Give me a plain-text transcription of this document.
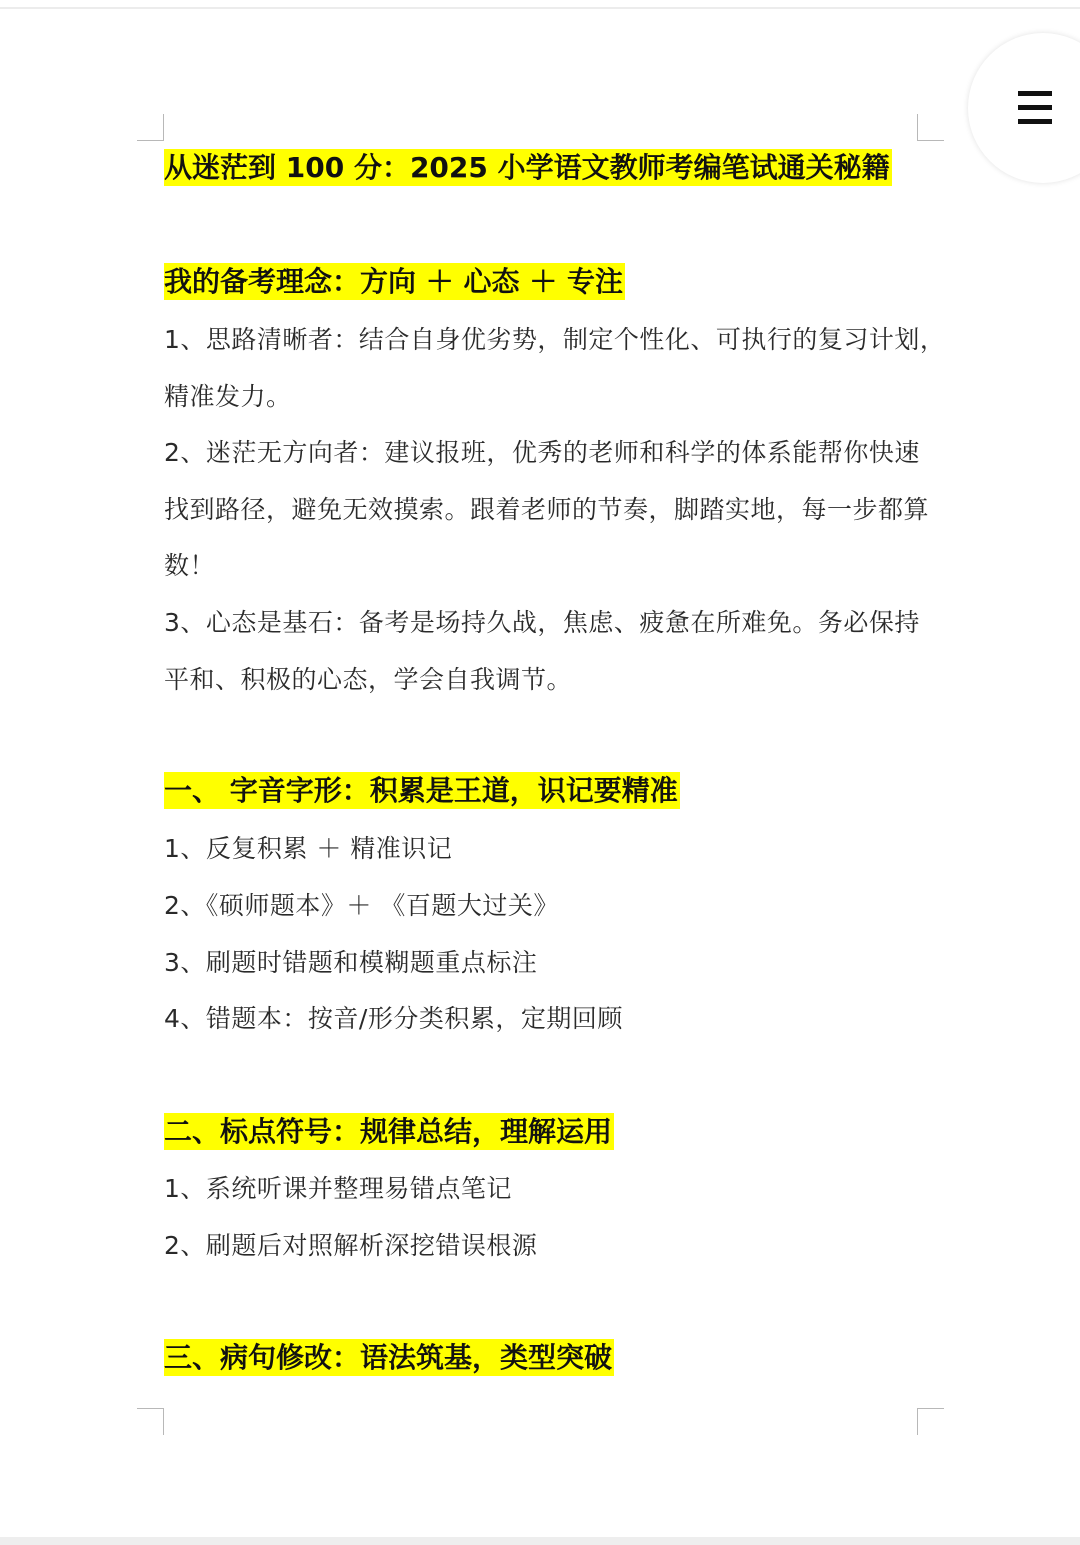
从迷茫到 100 分：2025 小学语文教师考编笔试通关秘籍
我的备考理念：方向 ＋ 心态 ＋ 专注
1、思路清晰者：结合自身优劣势，制定个性化、可执行的复习计划，
精准发力。
2、迷茫无方向者：建议报班，优秀的老师和科学的体系能帮你快速
找到路径，避免无效摸索。跟着老师的节奏，脚踏实地，每一步都算
数！
3、心态是基石：备考是场持久战，焦虑、疲惫在所难免。务必保持
平和、积极的心态，学会自我调节。
一、 字音字形：积累是王道，识记要精准
1、反复积累 ＋ 精准识记
2、《硕师题本》＋ 《百题大过关》
3、刷题时错题和模糊题重点标注
4、错题本：按音/形分类积累，定期回顾
二、标点符号：规律总结，理解运用
1、系统听课并整理易错点笔记
2、刷题后对照解析深挖错误根源
三、病句修改：语法筑基，类型突破
